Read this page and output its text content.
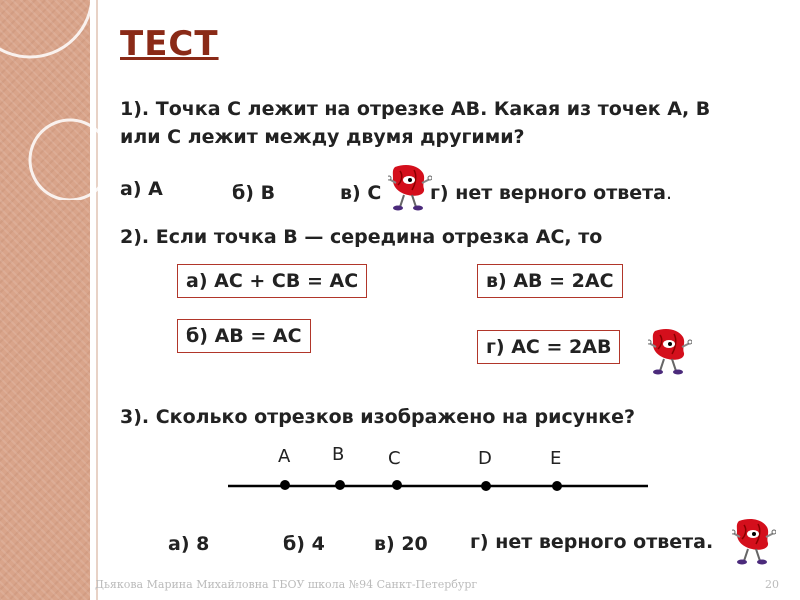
ТЕСТ
1). Точка С лежит на отрезке АВ. Какая из точек А, В
или С лежит между двумя другими?
а) А	б) В	в) С	г) нет верного ответа.
2). Если точка В — середина отрезка АС, то
а) АС + СВ = АС	в) АВ = 2АС
б) АВ = АС	г) АС = 2АВ
3). Сколько отрезков изображено на рисунке?
A B C	D	E
а) 8	б) 4	в) 20 г) нет верного ответа.
Дьякова Марина Михайловна ГБОУ школа №94 Санкт-Петербург	20
